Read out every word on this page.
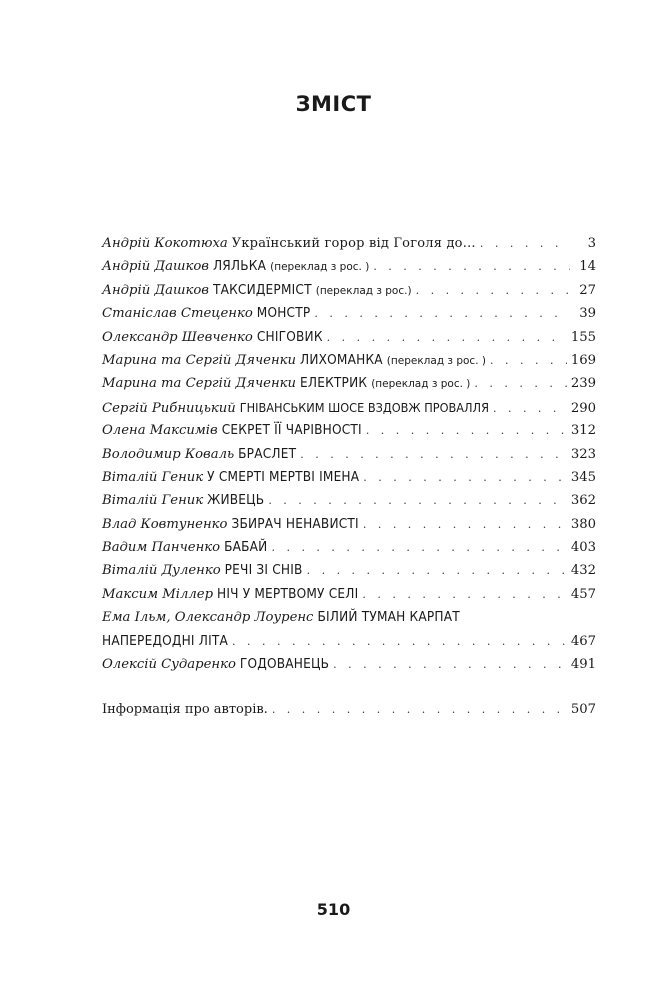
ЗМІСТ
Андрій Кокотюха Український горор від Гоголя до… . . .	3
Андрій Дашков ЛЯЛЬКА (переклад з рос. ) . . .	14
Андрій Дашков ТАКСИДЕРМІСТ (переклад з рос.) . . .	27
Станіслав Стеценко МОНСТР . . .	39
Олександр Шевченко СНІГОВИК . . .	155
Марина та Сергій Дяченки ЛИХОМАНКА (переклад з рос. ) . . .	169
Марина та Сергій Дяченки ЕЛЕКТРИК (переклад з рос. ) . . .	239
Сергій Рибницький ГНІВАНСЬКИМ ШОСЕ ВЗДОВЖ ПРОВАЛЛЯ . . .	290
Олена Максимів СЕКРЕТ ЇЇ ЧАРІВНОСТІ . . .	312
Володимир Коваль БРАСЛЕТ . . .	323
Віталій Геник У СМЕРТІ МЕРТВІ ІМЕНА . . .	345
Віталій Геник ЖИВЕЦЬ . . .	362
Влад Ковтуненко ЗБИРАЧ НЕНАВИСТІ . . .	380
Вадим Панченко БАБАЙ . . .	403
Віталій Дуленко РЕЧІ ЗІ СНІВ . . .	432
Максим Міллер НІЧ У МЕРТВОМУ СЕЛІ . . .	457
Ема Ільм, Олександр Лоуренс БІЛИЙ ТУМАН КАРПАТ
НАПЕРЕДОДНІ ЛІТА . . .	467
Олексій Сударенко ГОДОВАНЕЦЬ . . .	491
Інформація про авторів. . . .	507
510
